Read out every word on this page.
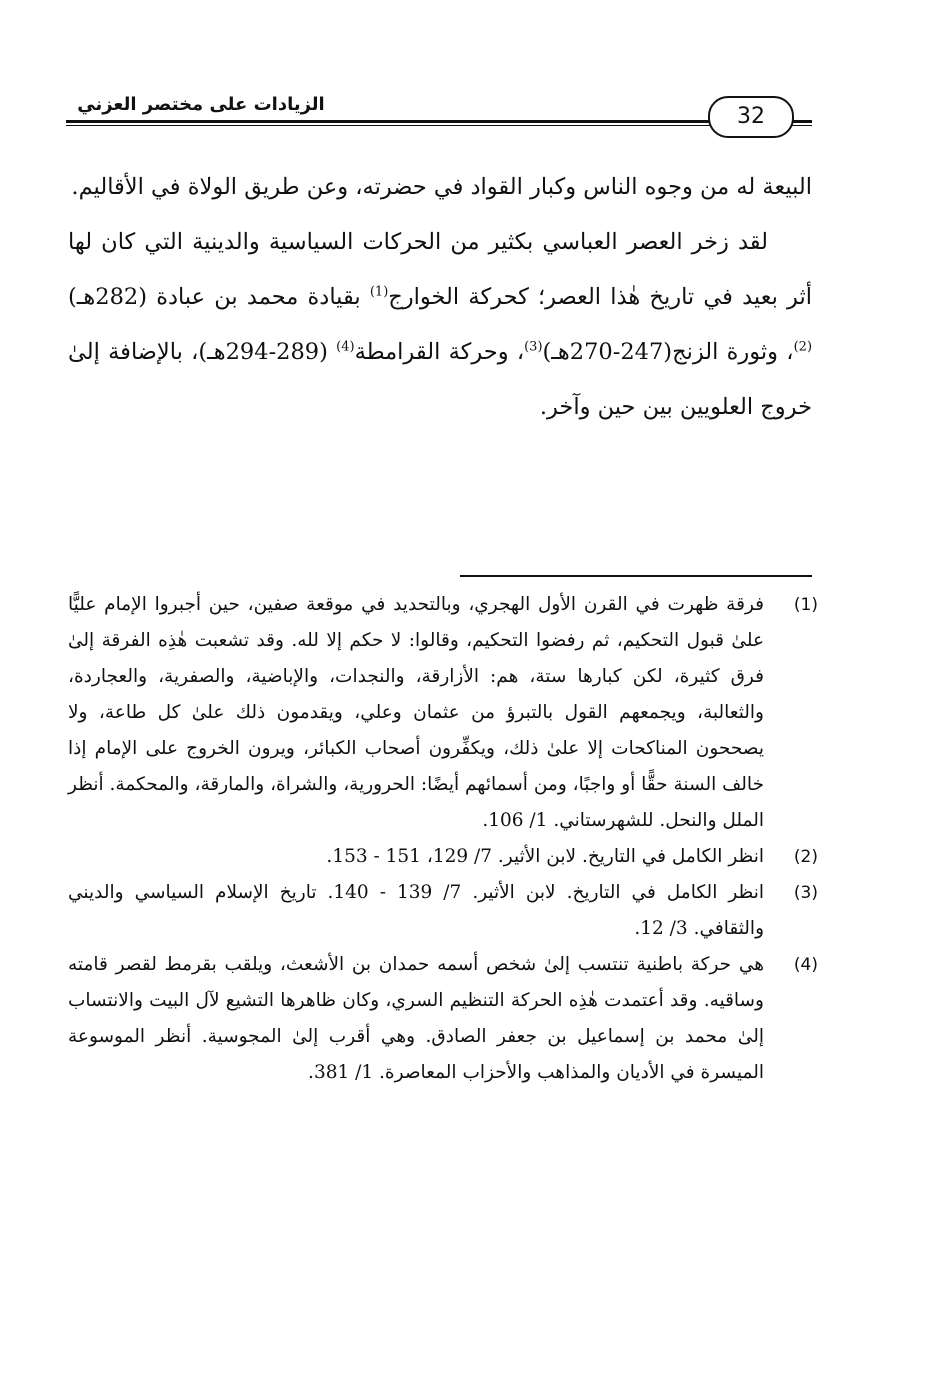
الزيادات على مختصر العزني	32

البيعة له من وجوه الناس وكبار القواد في حضرته، وعن طريق الولاة في الأقاليم.

لقد زخر العصر العباسي بكثير من الحركات السياسية والدينية التي كان لها أثر بعيد في تاريخ هٰذا العصر؛ كحركة الخوارج$^{(1)}$ بقيادة محمد بن عبادة (282هـ)$^{(2)}$، وثورة الزنج(247-270هـ)$^{(3)}$، وحركة القرامطة$^{(4)}$ (289-294هـ)، بالإضافة إلىٰ خروج العلويين بين حين وآخر.

(1)
فرقة ظهرت في القرن الأول الهجري، وبالتحديد في موقعة صفين، حين أجبروا الإمام عليًّا علىٰ قبول التحكيم، ثم رفضوا التحكيم، وقالوا: لا حكم إلا لله. وقد تشعبت هٰذِه الفرقة إلىٰ فرق كثيرة، لكن كبارها ستة، هم: الأزارقة، والنجدات، والإباضية، والصفرية، والعجاردة، والثعالبة، ويجمعهم القول بالتبرؤ من عثمان وعلي، ويقدمون ذلك علىٰ كل طاعة، ولا يصححون المناكحات إلا علىٰ ذلك، ويكفِّرون أصحاب الكبائر، ويرون الخروج على الإمام إذا خالف السنة حقًّا أو واجبًا، ومن أسمائهم أيضًا: الحرورية، والشراة، والمارقة، والمحكمة. أنظر الملل والنحل. للشهرستاني. 1/ 106.
(2)
انظر الكامل في التاريخ. لابن الأثير. 7/ 129، 151 - 153.
(3)
انظر الكامل في التاريخ. لابن الأثير. 7/ 139 - 140. تاريخ الإسلام السياسي والديني والثقافي. 3/ 12.
(4)
هي حركة باطنية تنتسب إلىٰ شخص أسمه حمدان بن الأشعث، ويلقب بقرمط لقصر قامته وساقيه. وقد أعتمدت هٰذِه الحركة التنظيم السري، وكان ظاهرها التشيع لآل البيت والانتساب إلىٰ محمد بن إسماعيل بن جعفر الصادق. وهي أقرب إلىٰ المجوسية. أنظر الموسوعة الميسرة في الأديان والمذاهب والأحزاب المعاصرة. 1/ 381.
